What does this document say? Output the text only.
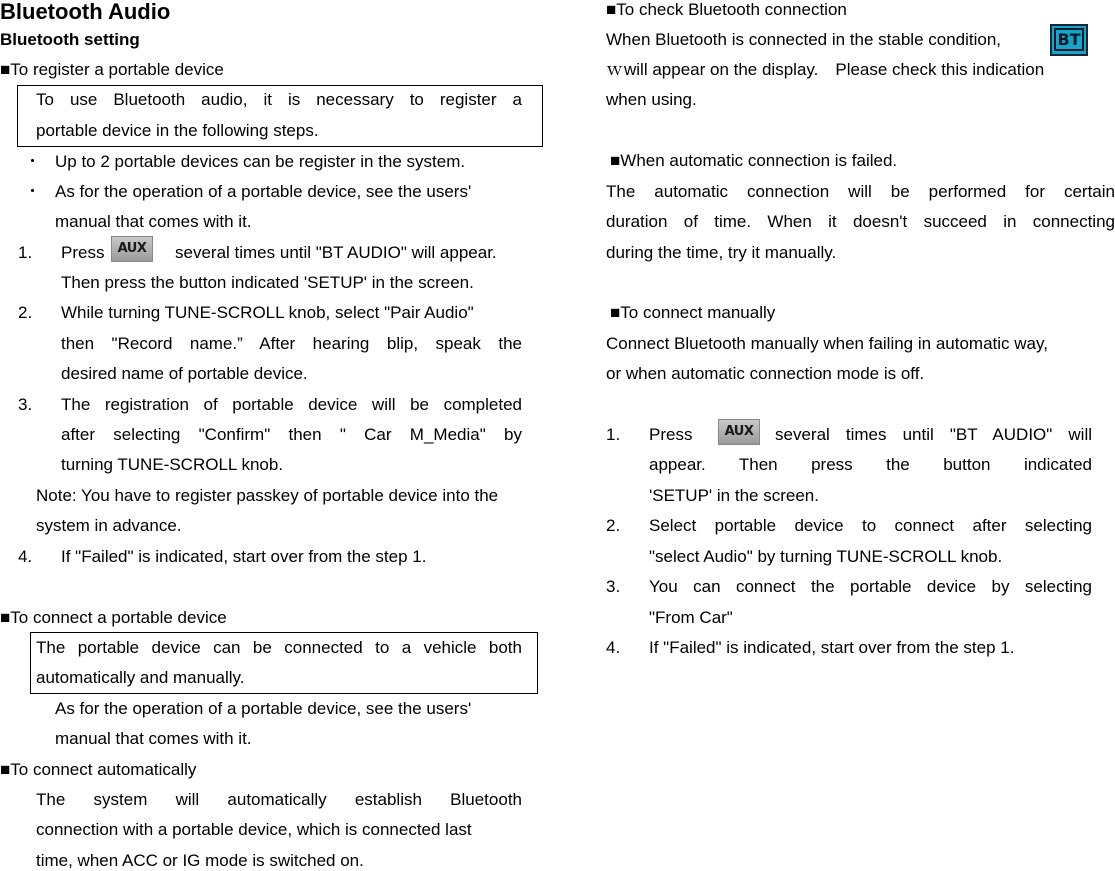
Bluetooth Audio
Bluetooth setting
■To register a portable device
To use Bluetooth audio, it is necessary to register a
portable device in the following steps.
・ Up to 2 portable devices can be register in the system.
・ As for the operation of a portable device, see the users'
manual that comes with it.
1. Press	AUX	several times until "BT AUDIO" will appear.
Then press the button indicated 'SETUP' in the screen.
2. While turning TUNE-SCROLL knob, select "Pair Audio"
then "Record name.” After hearing blip, speak the
desired name of portable device.
3. The registration of portable device will be completed
after selecting "Confirm" then " Car M_Media" by
turning TUNE-SCROLL knob.
Note: You have to register passkey of portable device into the
system in advance.
4. If "Failed" is indicated, start over from the step 1.
■To connect a portable device
The portable device can be connected to a vehicle both
automatically and manually.
As for the operation of a portable device, see the users'
manual that comes with it.
■To connect automatically
The system will automatically establish Bluetooth
connection with a portable device, which is connected last
time, when ACC or IG mode is switched on.
■To check Bluetooth connection
When Bluetooth is connected in the stable condition,	BT
ｗ will appear on the display.　Please check this indication
when using.
■When automatic connection is failed.
The automatic connection will be performed for certain
duration of time. When it doesn't succeed in connecting
during the time, try it manually.
■To connect manually
Connect Bluetooth manually when failing in automatic way,
or when automatic connection mode is off.
1. Press	AUX	several times until "BT AUDIO" will
appear. Then press the button indicated
'SETUP' in the screen.
2. Select portable device to connect after selecting
"select Audio" by turning TUNE-SCROLL knob.
3. You can connect the portable device by selecting
"From Car"
4. If "Failed" is indicated, start over from the step 1.
